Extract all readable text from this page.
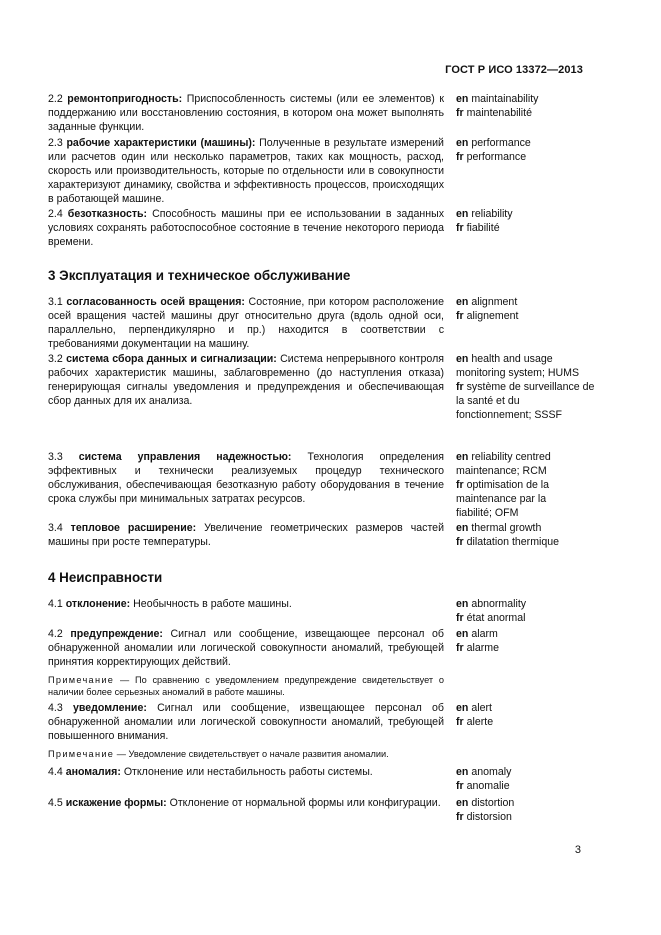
ГОСТ Р ИСО 13372—2013
2.2 ремонтопригодность: Приспособленность системы (или ее элементов) к поддержанию или восстановлению состояния, в котором она может выполнять заданные функции.
en maintainability
fr maintenabilité
2.3 рабочие характеристики (машины): Полученные в результате измерений или расчетов один или несколько параметров, таких как мощность, расход, скорость или производительность, которые по отдельности или в совокупности характеризуют динамику, свойства и эффективность процессов, происходящих в работающей машине.
en performance
fr performance
2.4 безотказность: Способность машины при ее использовании в заданных условиях сохранять работоспособное состояние в течение некоторого периода времени.
en reliability
fr fiabilité
3 Эксплуатация и техническое обслуживание
3.1 согласованность осей вращения: Состояние, при котором расположение осей вращения частей машины друг относительно друга (вдоль одной оси, параллельно, перпендикулярно и пр.) находится в соответствии с требованиями документации на машину.
en alignment
fr alignement
3.2 система сбора данных и сигнализации: Система непрерывного контроля рабочих характеристик машины, заблаговременно (до наступления отказа) генерирующая сигналы уведомления и предупреждения и обеспечивающая сбор данных для их анализа.
en health and usage monitoring system; HUMS
fr système de surveillance de la santé et du fonctionnement; SSSF
3.3 система управления надежностью: Технология определения эффективных и технически реализуемых процедур технического обслуживания, обеспечивающая безотказную работу оборудования в течение срока службы при минимальных затратах ресурсов.
en reliability centred maintenance; RCM
fr optimisation de la maintenance par la fiabilité; OFM
3.4 тепловое расширение: Увеличение геометрических размеров частей машины при росте температуры.
en thermal growth
fr dilatation thermique
4 Неисправности
4.1 отклонение: Необычность в работе машины.	en abnormality
fr état anormal
4.2 предупреждение: Сигнал или сообщение, извещающее персонал об обнаруженной аномалии или логической совокупности аномалий, требующей принятия корректирующих действий.
en alarm
fr alarme
Примечание — По сравнению с уведомлением предупреждение свидетельствует о наличии более серьезных аномалий в работе машины.
4.3 уведомление: Сигнал или сообщение, извещающее персонал об обнаруженной аномалии или логической совокупности аномалий, требующей повышенного внимания.
en alert
fr alerte
Примечание — Уведомление свидетельствует о начале развития аномалии.
4.4 аномалия: Отклонение или нестабильность работы системы.	en anomaly
fr anomalie
4.5 искажение формы: Отклонение от нормальной формы или конфигурации.	en distortion
fr distorsion
3
